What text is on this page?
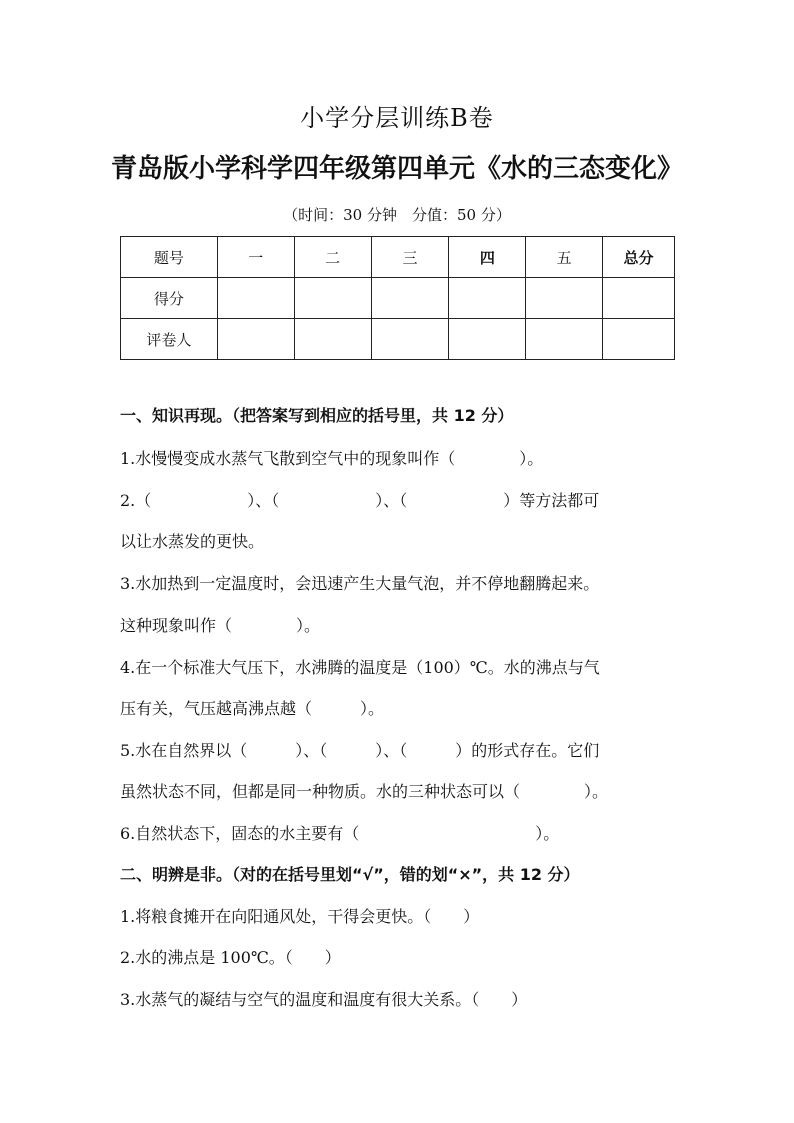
小学分层训练B卷
青岛版小学科学四年级第四单元《水的三态变化》
（时间：30 分钟　分值：50 分）
题号	一	二	三	四	五	总分
得分						
评卷人						
一、知识再现。（把答案写到相应的括号里，共 12 分）
1.水慢慢变成水蒸气飞散到空气中的现象叫作（　　　　）。
2.（　　　　　　）、（　　　　　　）、（　　　　　　）等方法都可
以让水蒸发的更快。
3.水加热到一定温度时，会迅速产生大量气泡，并不停地翻腾起来。
这种现象叫作（　　　　）。
4.在一个标准大气压下，水沸腾的温度是（100）℃。水的沸点与气
压有关，气压越高沸点越（　　　）。
5.水在自然界以（　　　）、（　　　）、（　　　）的形式存在。它们
虽然状态不同，但都是同一种物质。水的三种状态可以（　　　　）。
6.自然状态下，固态的水主要有（　　　　　　　　　　　）。
二、明辨是非。（对的在括号里划“√”，错的划“×”，共 12 分）
1.将粮食摊开在向阳通风处，干得会更快。（　　）
2.水的沸点是 100℃。（　　）
3.水蒸气的凝结与空气的温度和温度有很大关系。（　　）
